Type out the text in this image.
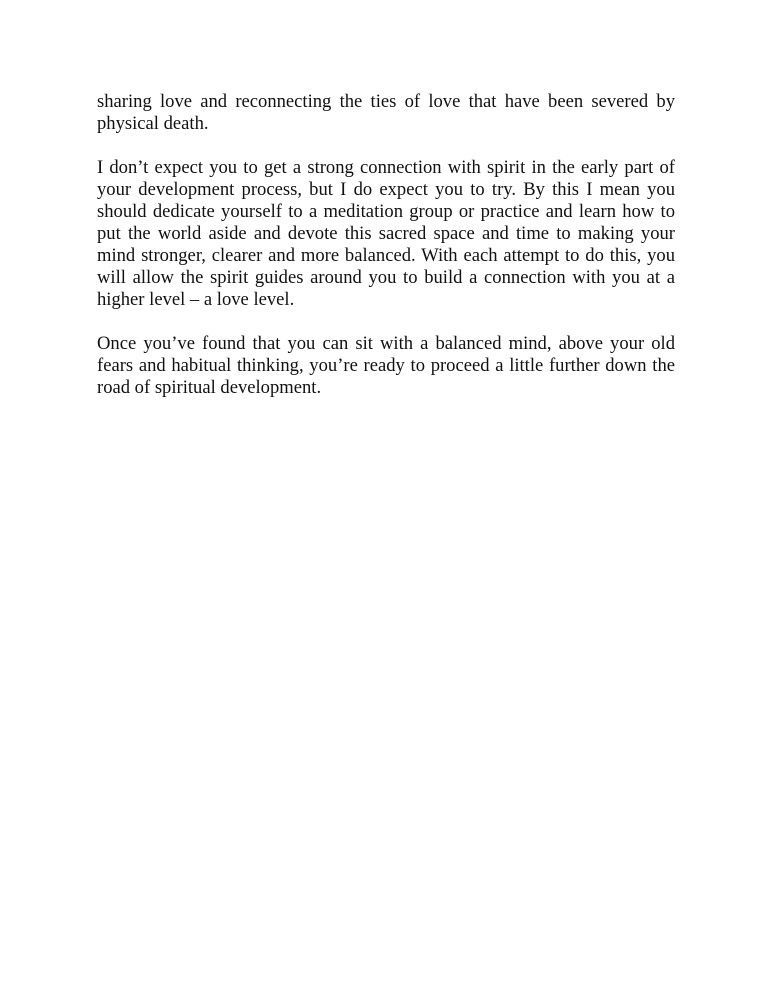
sharing love and reconnecting the ties of love that have been severed by physical death.

I don’t expect you to get a strong connection with spirit in the early part of your development process, but I do expect you to try. By this I mean you should dedicate yourself to a meditation group or practice and learn how to put the world aside and devote this sacred space and time to making your mind stronger, clearer and more balanced. With each attempt to do this, you will allow the spirit guides around you to build a connection with you at a higher level – a love level.

Once you’ve found that you can sit with a balanced mind, above your old fears and habitual thinking, you’re ready to proceed a little further down the road of spiritual development.
